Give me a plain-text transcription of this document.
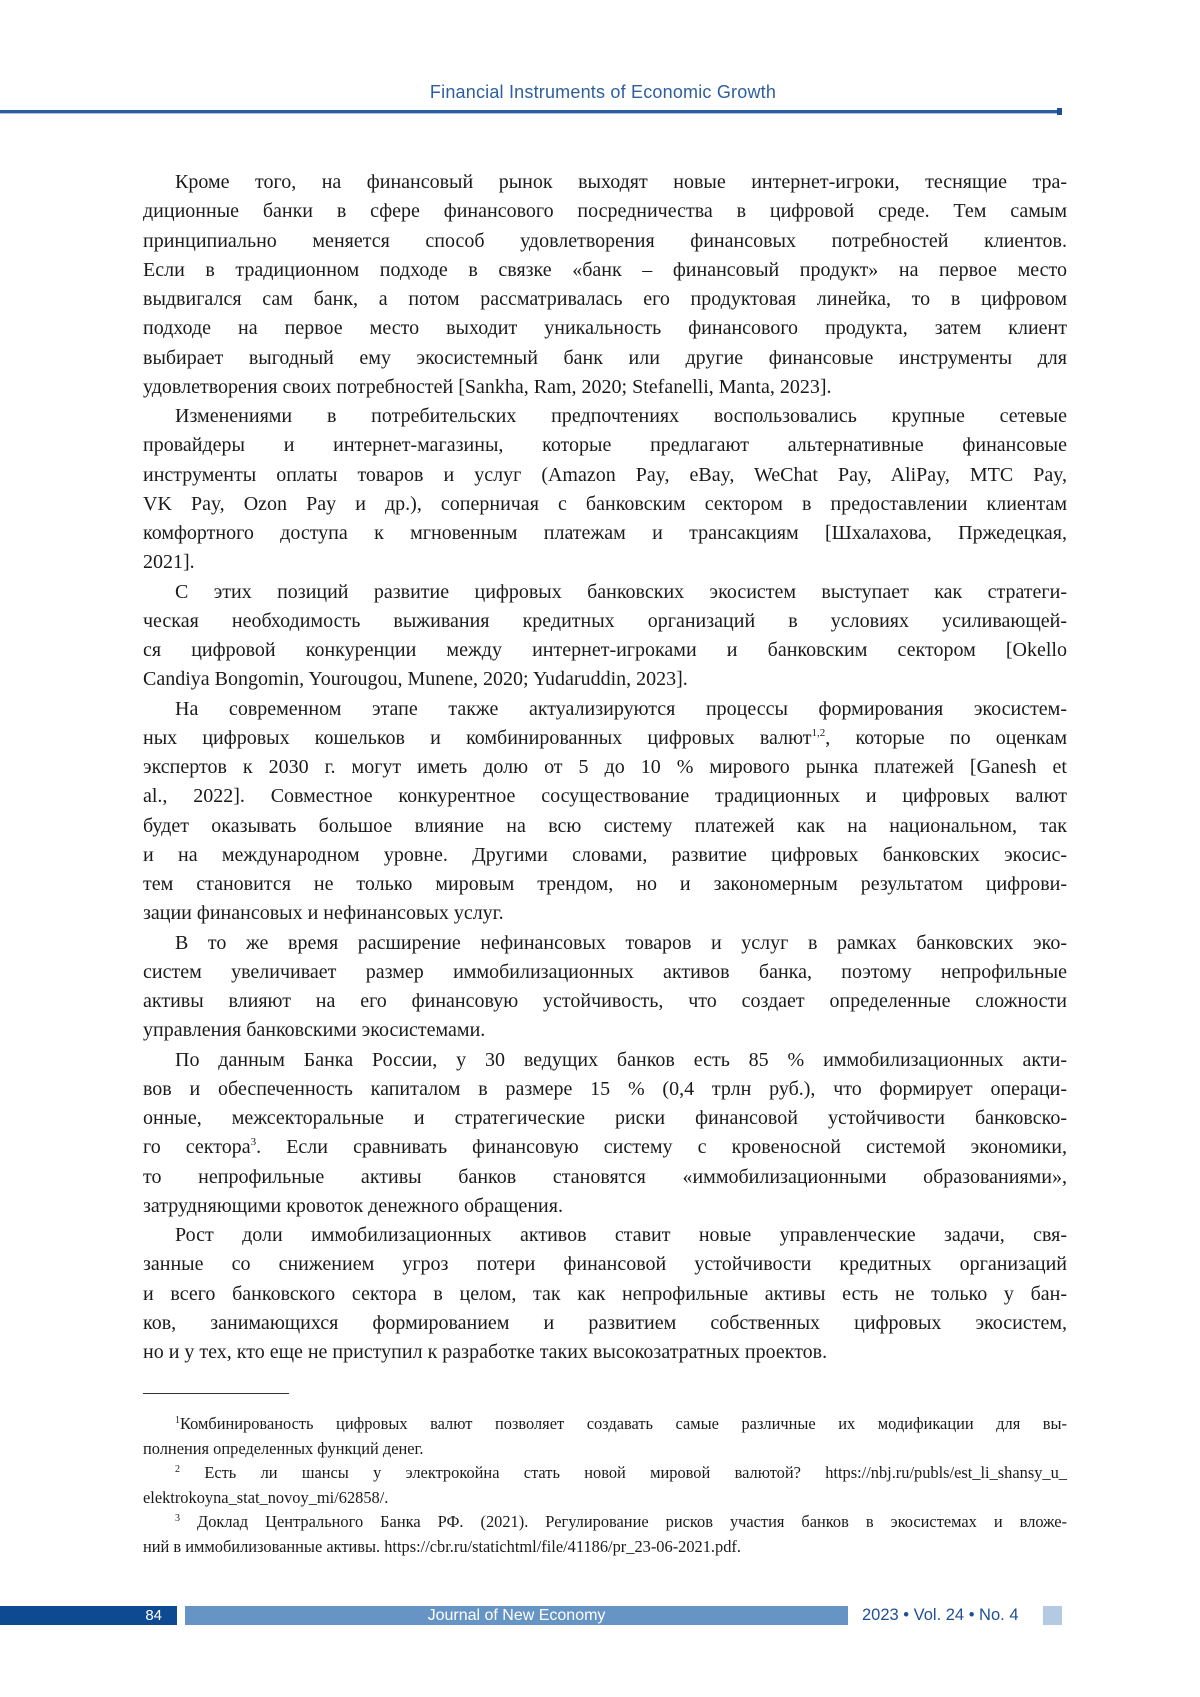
Financial Instruments of Economic Growth
Кроме того, на финансовый рынок выходят новые интернет-игроки, теснящие тра-
диционные банки в сфере финансового посредничества в цифровой среде. Тем самым
принципиально меняется способ удовлетворения финансовых потребностей клиентов.
Если в традиционном подходе в связке «банк – финансовый продукт» на первое место
выдвигался сам банк, а потом рассматривалась его продуктовая линейка, то в цифровом
подходе на первое место выходит уникальность финансового продукта, затем клиент
выбирает выгодный ему экосистемный банк или другие финансовые инструменты для
удовлетворения своих потребностей [Sankha, Ram, 2020; Stefanelli, Manta, 2023].
Изменениями в потребительских предпочтениях воспользовались крупные сетевые
провайдеры и интернет-магазины, которые предлагают альтернативные финансовые
инструменты оплаты товаров и услуг (Amazon Pay, eBay, WeChat Pay, AliPay, МТС Pay,
VK Pay, Ozon Pay и др.), соперничая с банковским сектором в предоставлении клиентам
комфортного доступа к мгновенным платежам и трансакциям [Шхалахова, Пржедецкая,
2021].
С этих позиций развитие цифровых банковских экосистем выступает как стратеги-
ческая необходимость выживания кредитных организаций в условиях усиливающей-
ся цифровой конкуренции между интернет-игроками и банковским сектором [Okello
Candiya Bongomin, Yourougou, Munene, 2020; Yudaruddin, 2023].
На современном этапе также актуализируются процессы формирования экосистем-
ных цифровых кошельков и комбинированных цифровых валют1,2, которые по оценкам
экспертов к 2030 г. могут иметь долю от 5 до 10 % мирового рынка платежей [Ganesh et
al., 2022]. Совместное конкурентное сосуществование традиционных и цифровых валют
будет оказывать большое влияние на всю систему платежей как на национальном, так
и на международном уровне. Другими словами, развитие цифровых банковских экосис-
тем становится не только мировым трендом, но и закономерным результатом цифрови-
зации финансовых и нефинансовых услуг.
В то же время расширение нефинансовых товаров и услуг в рамках банковских эко-
систем увеличивает размер иммобилизационных активов банка, поэтому непрофильные
активы влияют на его финансовую устойчивость, что создает определенные сложности
управления банковскими экосистемами.
По данным Банка России, у 30 ведущих банков есть 85 % иммобилизационных акти-
вов и обеспеченность капиталом в размере 15 % (0,4 трлн руб.), что формирует операци-
онные, межсекторальные и стратегические риски финансовой устойчивости банковско-
го сектора3. Если сравнивать финансовую систему с кровеносной системой экономики,
то непрофильные активы банков становятся «иммобилизационными образованиями»,
затрудняющими кровоток денежного обращения.
Рост доли иммобилизационных активов ставит новые управленческие задачи, свя-
занные со снижением угроз потери финансовой устойчивости кредитных организаций
и всего банковского сектора в целом, так как непрофильные активы есть не только у бан-
ков, занимающихся формированием и развитием собственных цифровых экосистем,
но и у тех, кто еще не приступил к разработке таких высокозатратных проектов.
1Комбинированость цифровых валют позволяет создавать самые различные их модификации для вы-
полнения определенных функций денег.
2 Есть ли шансы у электрокойна стать новой мировой валютой? https://nbj.ru/publs/est_li_shansy_u_
elektrokoyna_stat_novoy_mi/62858/.
3 Доклад Центрального Банка РФ. (2021). Регулирование рисков участия банков в экосистемах и вложе-
ний в иммобилизованные активы. https://cbr.ru/statichtml/file/41186/pr_23-06-2021.pdf.
84	Journal of New Economy	2023 • Vol. 24 • No. 4
